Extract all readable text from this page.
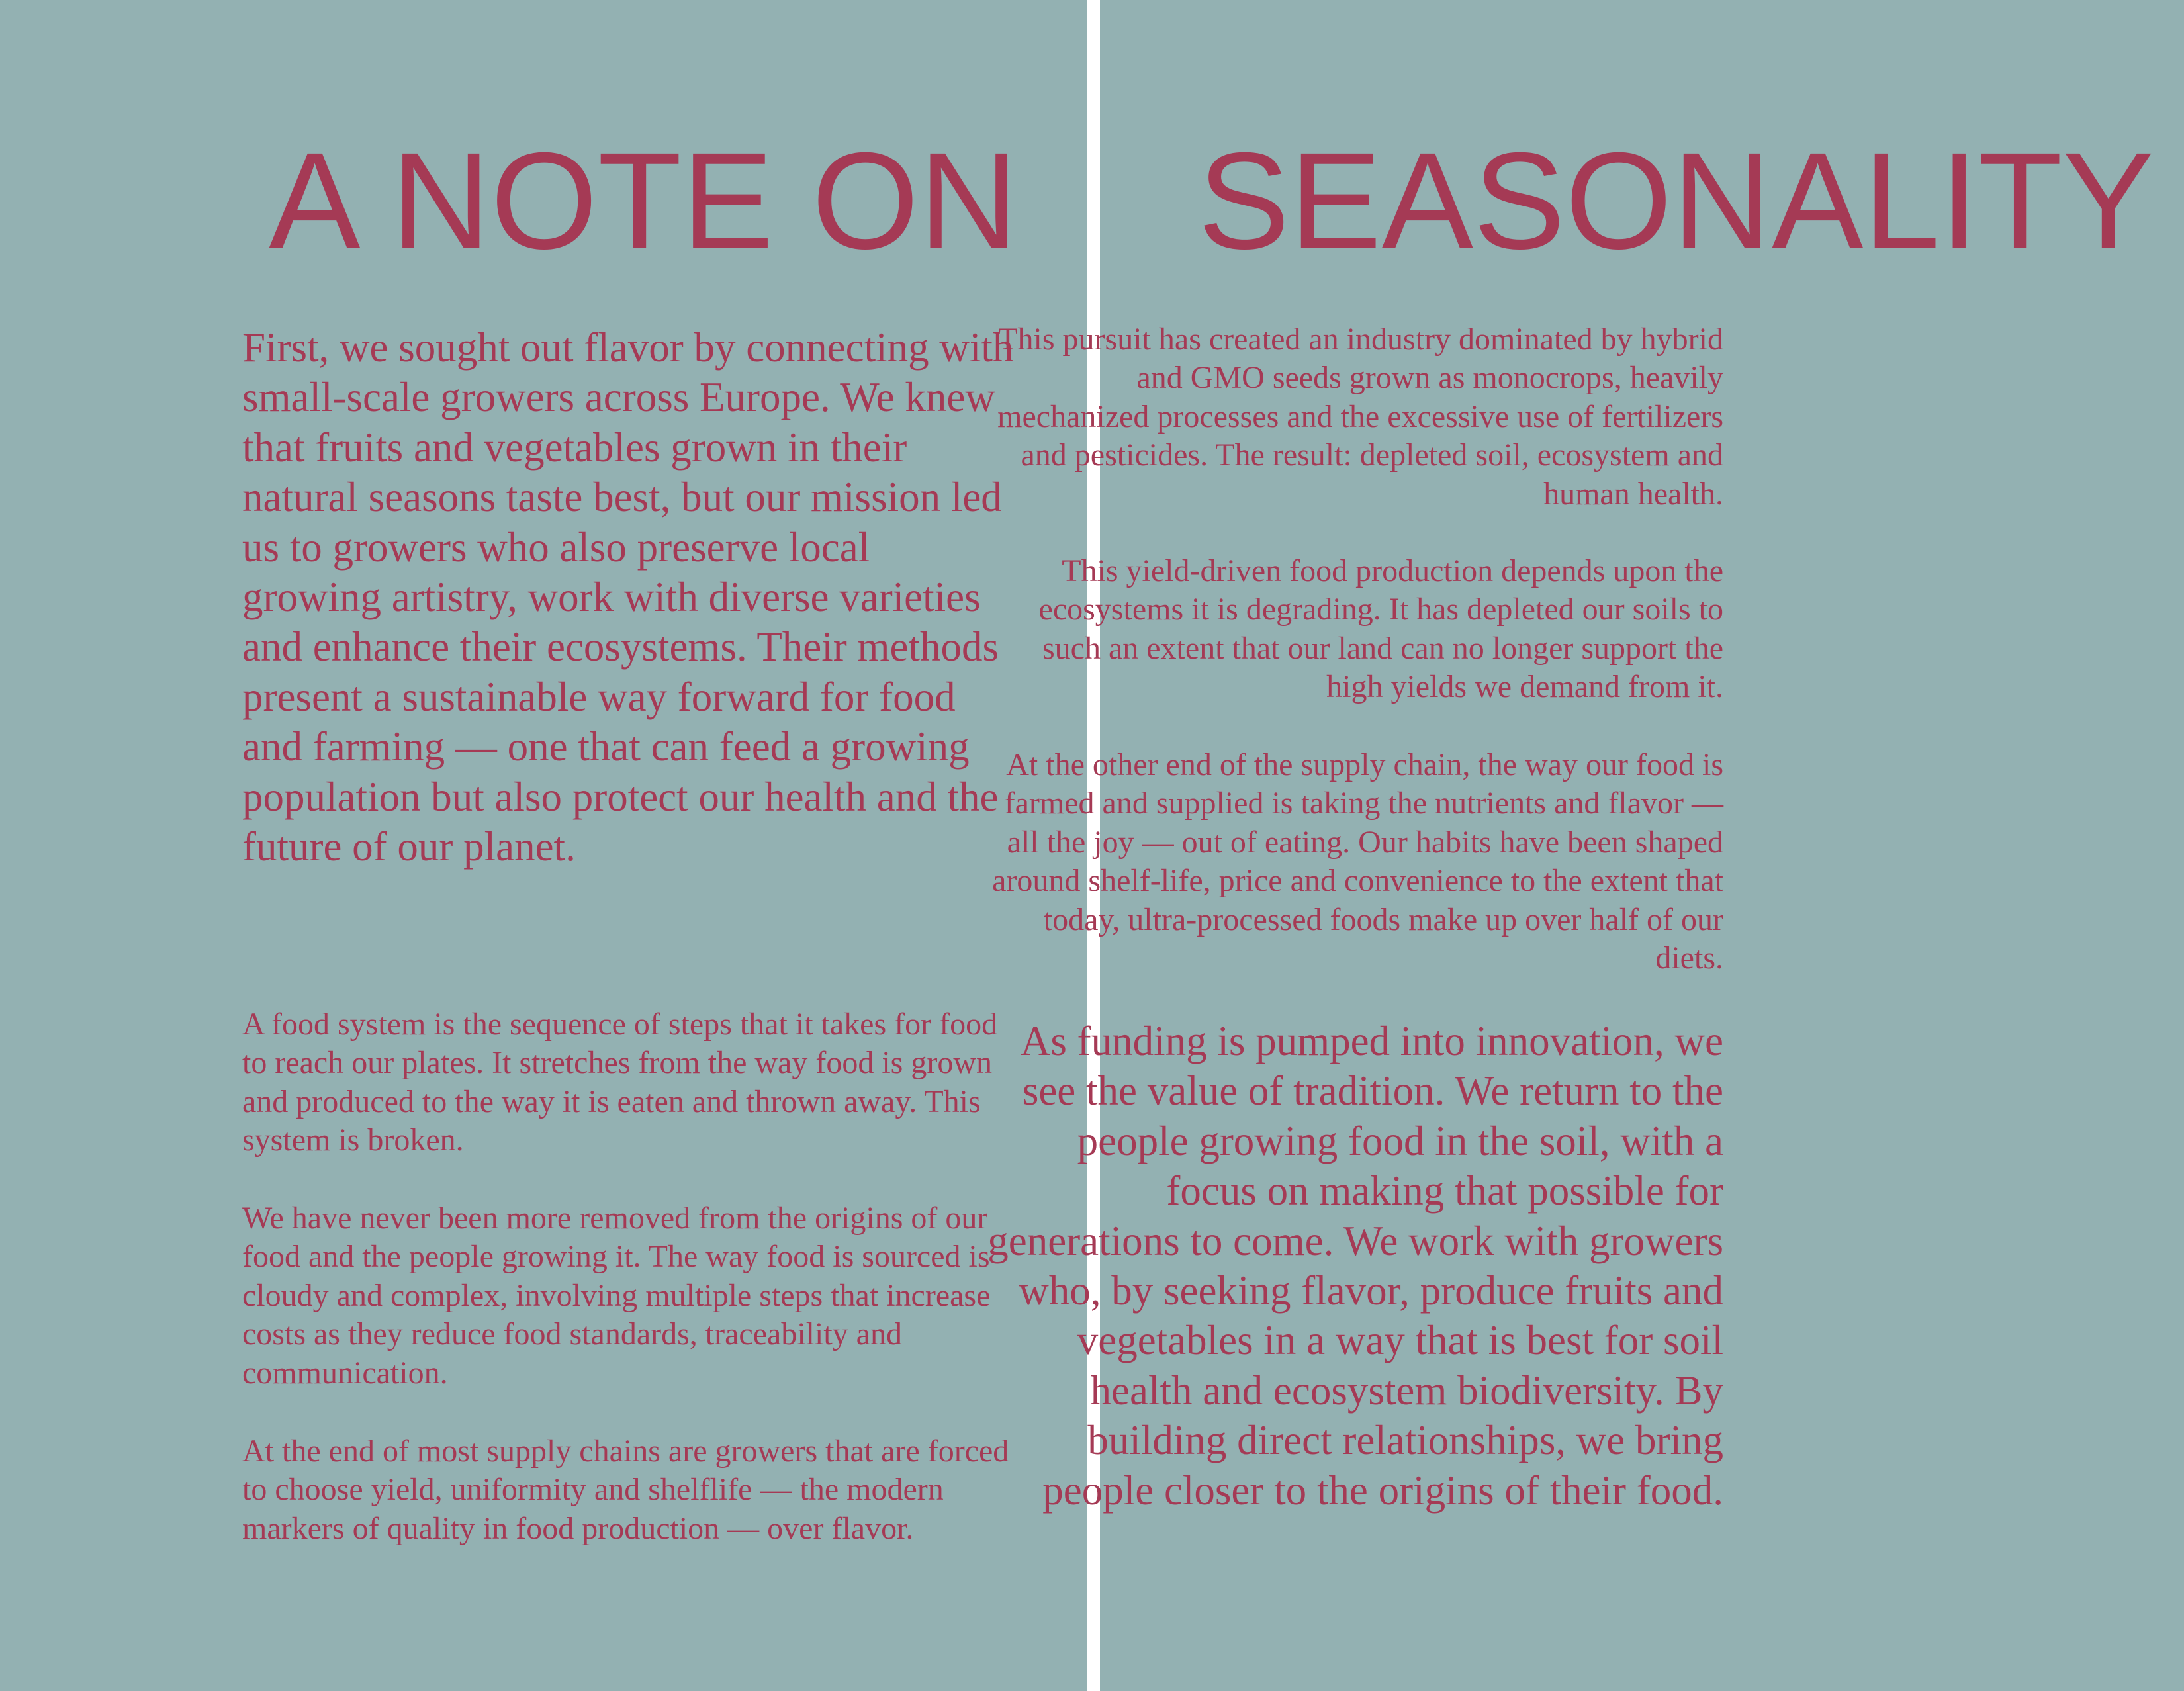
A NOTE ON

First, we sought out flavor by connecting with small-scale growers across Europe. We knew that fruits and vegetables grown in their natural seasons taste best, but our mission led us to growers who also preserve local growing artistry, work with diverse varieties and enhance their ecosystems. Their methods present a sustainable way forward for food and farming — one that can feed a growing population but also protect our health and the future of our planet.

A food system is the sequence of steps that it takes for food to reach our plates. It stretches from the way food is grown and produced to the way it is eaten and thrown away. This system is broken.

We have never been more removed from the origins of our food and the people growing it. The way food is sourced is cloudy and complex, involving multiple steps that increase costs as they reduce food standards, traceability and communication.

At the end of most supply chains are growers that are forced to choose yield, uniformity and shelflife — the modern markers of quality in food production — over flavor.

SEASONALITY

This pursuit has created an industry dominated by hybrid and GMO seeds grown as monocrops, heavily mechanized processes and the excessive use of fertilizers and pesticides. The result: depleted soil, ecosystem and human health.

This yield-driven food production depends upon the ecosystems it is degrading. It has depleted our soils to such an extent that our land can no longer support the high yields we demand from it.

At the other end of the supply chain, the way our food is farmed and supplied is taking the nutrients and flavor — all the joy — out of eating. Our habits have been shaped around shelf-life, price and convenience to the extent that today, ultra-processed foods make up over half of our diets.

As funding is pumped into innovation, we see the value of tradition. We return to the people growing food in the soil, with a focus on making that possible for generations to come. We work with growers who, by seeking flavor, produce fruits and vegetables in a way that is best for soil health and ecosystem biodiversity. By building direct relationships, we bring people closer to the origins of their food.
